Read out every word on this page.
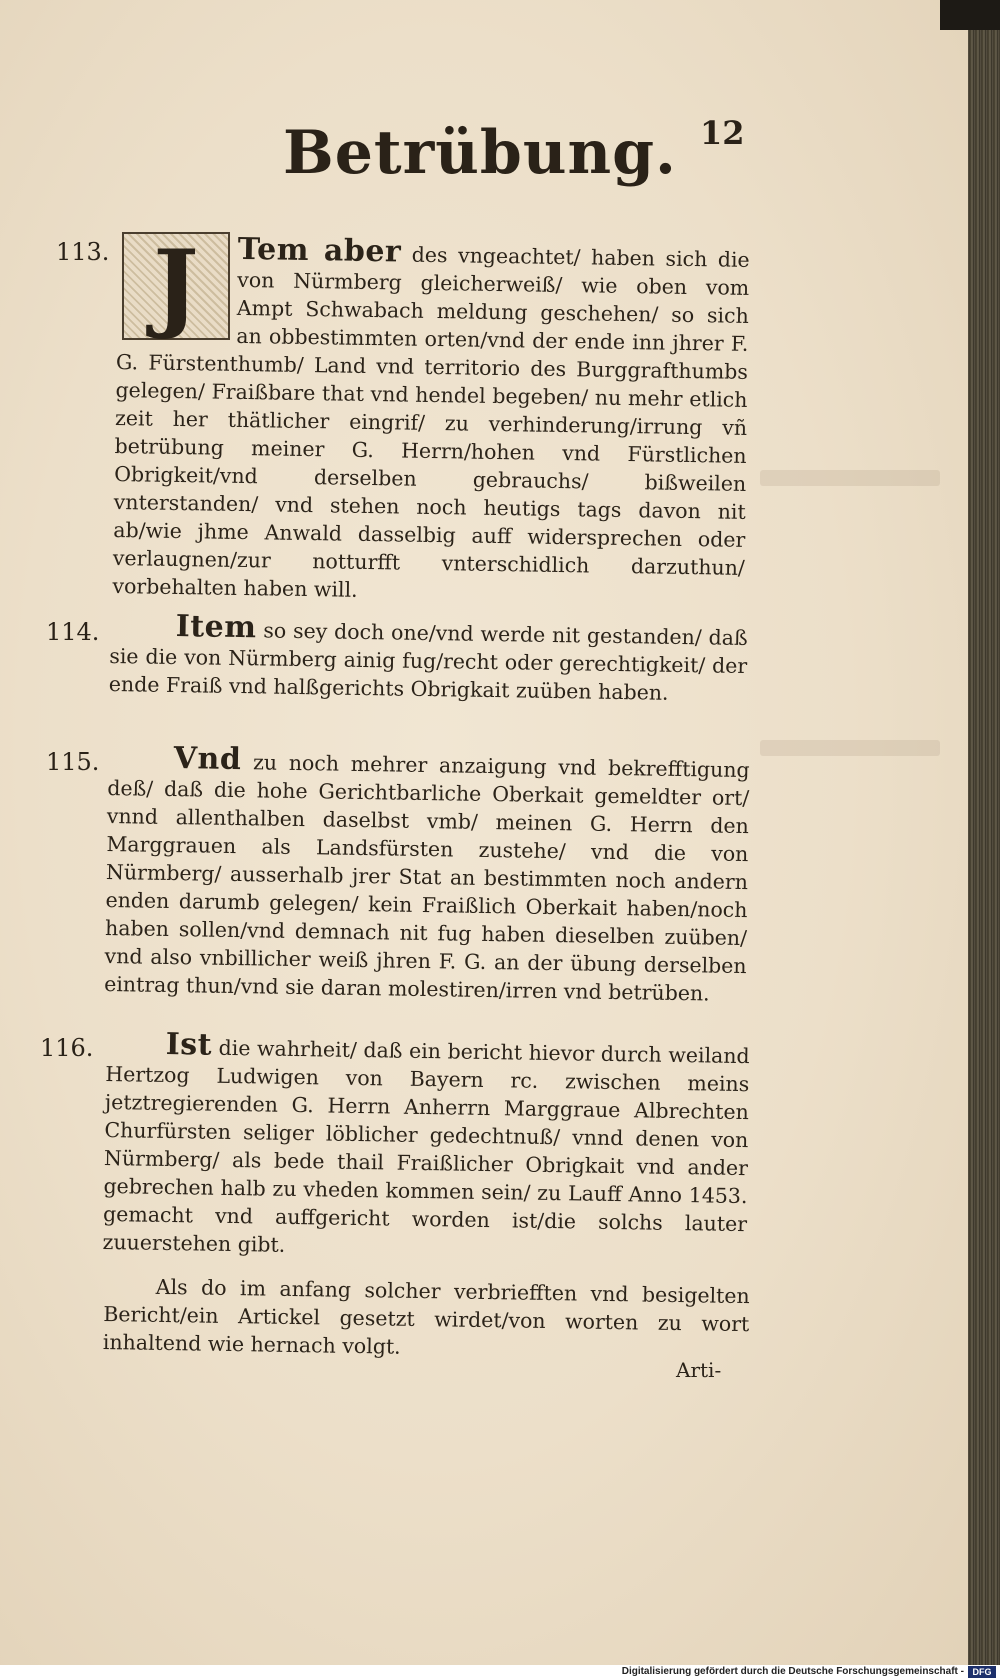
Betrübung. 12
113. J	Tem aber des vngeachtet/ haben sich die von Nürmberg gleicherweiß/ wie oben vom Ampt Schwabach meldung geschehen/ so sich an obbestimmten orten/vnd der ende inn jhrer F. G. Fürstenthumb/ Land vnd territorio des Burggrafthumbs gelegen/ Fraißbare that vnd hendel begeben/ nu mehr etlich zeit her thätlicher eingrif/ zu verhinderung/irrung vñ betrübung meiner G. Herrn/hohen vnd Fürstlichen Obrigkeit/vnd derselben gebrauchs/ bißweilen vnterstanden/ vnd stehen noch heutigs tags davon nit ab/wie jhme Anwald dasselbig auff widersprechen oder verlaugnen/zur notturfft vnterschidlich darzuthun/ vorbehalten haben will.
114.	Item so sey doch one/vnd werde nit gestanden/ daß sie die von Nürmberg ainig fug/recht oder gerechtigkeit/ der ende Fraiß vnd halßgerichts Obrigkait zuüben haben.
115.	Vnd zu noch mehrer anzaigung vnd bekrefftigung deß/ daß die hohe Gerichtbarliche Oberkait gemeldter ort/ vnnd allenthalben daselbst vmb/ meinen G. Herrn den Marggrauen als Landsfürsten zustehe/ vnd die von Nürmberg/ ausserhalb jrer Stat an bestimmten noch andern enden darumb gelegen/ kein Fraißlich Oberkait haben/noch haben sollen/vnd demnach nit fug haben dieselben zuüben/ vnd also vnbillicher weiß jhren F. G. an der übung derselben eintrag thun/vnd sie daran molestiren/irren vnd betrüben.
116.	Ist die wahrheit/ daß ein bericht hievor durch weiland Hertzog Ludwigen von Bayern rc. zwischen meins jetztregierenden G. Herrn Anherrn Marggraue Albrechten Churfürsten seliger löblicher gedechtnuß/ vnnd denen von Nürmberg/ als bede thail Fraißlicher Obrigkait vnd ander gebrechen halb zu vheden kommen sein/ zu Lauff Anno 1453. gemacht vnd auffgericht worden ist/die solchs lauter zuuerstehen gibt.
Als do im anfang solcher verbriefften vnd besigelten Bericht/ein Artickel gesetzt wirdet/von worten zu wort inhaltend wie hernach volgt.
Arti-
Digitalisierung gefördert durch die Deutsche Forschungsgemeinschaft - DFG
